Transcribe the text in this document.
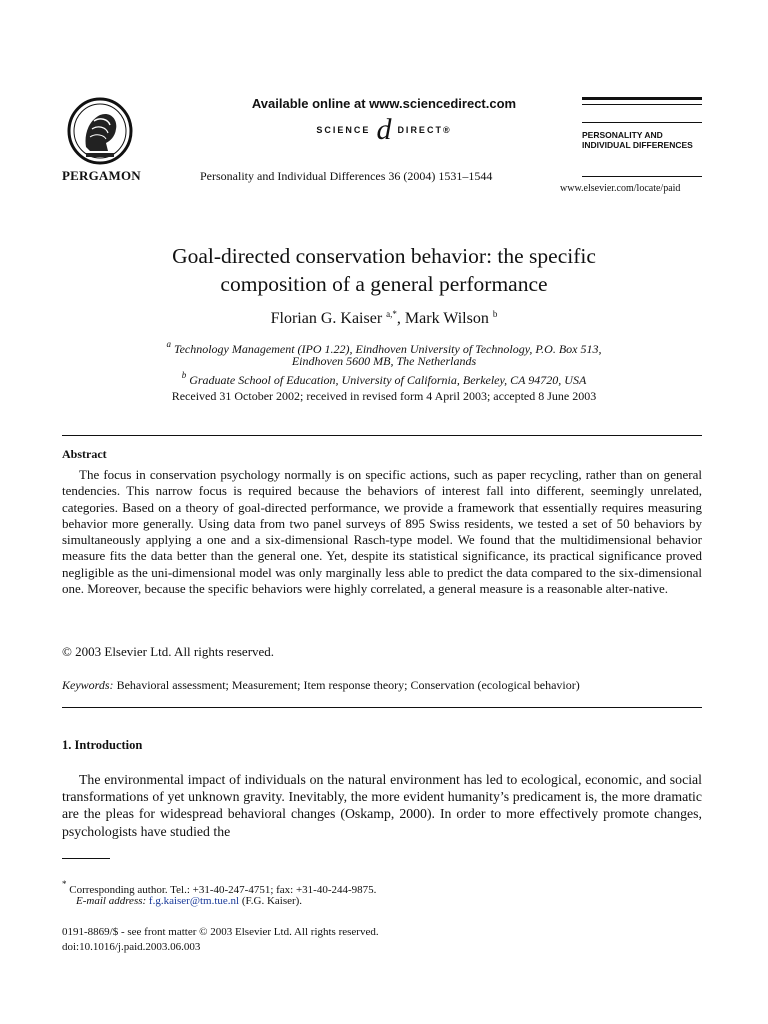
PERGAMON
Available online at www.sciencedirect.com
SCIENCE d DIRECT®
Personality and Individual Differences 36 (2004) 1531–1544
PERSONALITY AND
INDIVIDUAL DIFFERENCES
www.elsevier.com/locate/paid
Goal-directed conservation behavior: the specific
composition of a general performance
Florian G. Kaiser $^{a,*}$, Mark Wilson $^b$
$^a$ Technology Management (IPO 1.22), Eindhoven University of Technology, P.O. Box 513,
Eindhoven 5600 MB, The Netherlands
$^b$ Graduate School of Education, University of California, Berkeley, CA 94720, USA
Received 31 October 2002; received in revised form 4 April 2003; accepted 8 June 2003
Abstract

The focus in conservation psychology normally is on specific actions, such as paper recycling, rather than on general tendencies. This narrow focus is required because the behaviors of interest fall into different, seemingly unrelated, categories. Based on a theory of goal-directed performance, we provide a framework that essentially requires measuring behavior more generally. Using data from two panel surveys of 895 Swiss residents, we tested a set of 50 behaviors by simultaneously applying a one and a six-dimensional Rasch-type model. We found that the multidimensional behavior measure fits the data better than the general one. Yet, despite its statistical significance, its practical significance proved negligible as the uni-dimensional model was only marginally less able to predict the data compared to the six-dimensional one. Moreover, because the specific behaviors were highly correlated, a general measure is a reasonable alter-native.

© 2003 Elsevier Ltd. All rights reserved.
Keywords: Behavioral assessment; Measurement; Item response theory; Conservation (ecological behavior)
1. Introduction

The environmental impact of individuals on the natural environment has led to ecological, economic, and social transformations of yet unknown gravity. Inevitably, the more evident humanity’s predicament is, the more dramatic are the pleas for widespread behavioral changes (Oskamp, 2000). In order to more effectively promote changes, psychologists have studied the

* Corresponding author. Tel.: +31-40-247-4751; fax: +31-40-244-9875.
E-mail address: f.g.kaiser@tm.tue.nl (F.G. Kaiser).
0191-8869/$ - see front matter © 2003 Elsevier Ltd. All rights reserved.
doi:10.1016/j.paid.2003.06.003
